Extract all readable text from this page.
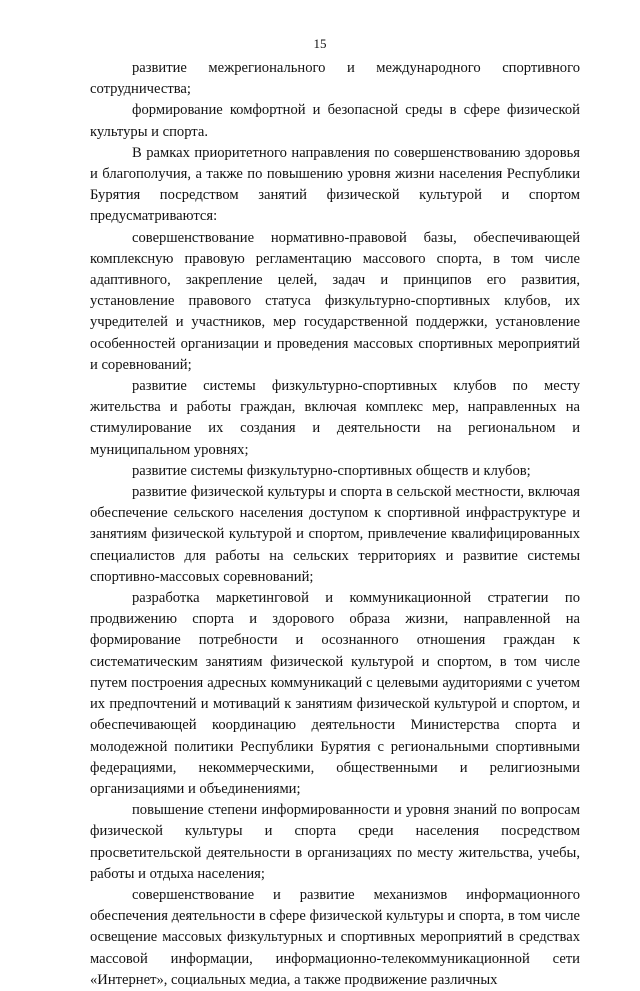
15

развитие межрегионального и международного спортивного сотрудничества;

формирование комфортной и безопасной среды в сфере физической культуры и спорта.

В рамках приоритетного направления по совершенствованию здоровья и благополучия, а также по повышению уровня жизни населения Республики Бурятия посредством занятий физической культурой и спортом предусматриваются:

совершенствование нормативно-правовой базы, обеспечивающей комплексную правовую регламентацию массового спорта, в том числе адаптивного, закрепление целей, задач и принципов его развития, установление правового статуса физкультурно-спортивных клубов, их учредителей и участников, мер государственной поддержки, установление особенностей организации и проведения массовых спортивных мероприятий и соревнований;

развитие системы физкультурно-спортивных клубов по месту жительства и работы граждан, включая комплекс мер, направленных на стимулирование их создания и деятельности на региональном и муниципальном уровнях;

развитие системы физкультурно-спортивных обществ и клубов;

развитие физической культуры и спорта в сельской местности, включая обеспечение сельского населения доступом к спортивной инфраструктуре и занятиям физической культурой и спортом, привлечение квалифицированных специалистов для работы на сельских территориях и развитие системы спортивно-массовых соревнований;

разработка маркетинговой и коммуникационной стратегии по продвижению спорта и здорового образа жизни, направленной на формирование потребности и осознанного отношения граждан к систематическим занятиям физической культурой и спортом, в том числе путем построения адресных коммуникаций с целевыми аудиториями с учетом их предпочтений и мотиваций к занятиям физической культурой и спортом, и обеспечивающей координацию деятельности Министерства спорта и молодежной политики Республики Бурятия с региональными спортивными федерациями, некоммерческими, общественными и религиозными организациями и объединениями;

повышение степени информированности и уровня знаний по вопросам физической культуры и спорта среди населения посредством просветительской деятельности в организациях по месту жительства, учебы, работы и отдыха населения;

совершенствование и развитие механизмов информационного обеспечения деятельности в сфере физической культуры и спорта, в том числе освещение массовых физкультурных и спортивных мероприятий в средствах массовой информации, информационно-телекоммуникационной сети «Интернет», социальных медиа, а также продвижение различных
